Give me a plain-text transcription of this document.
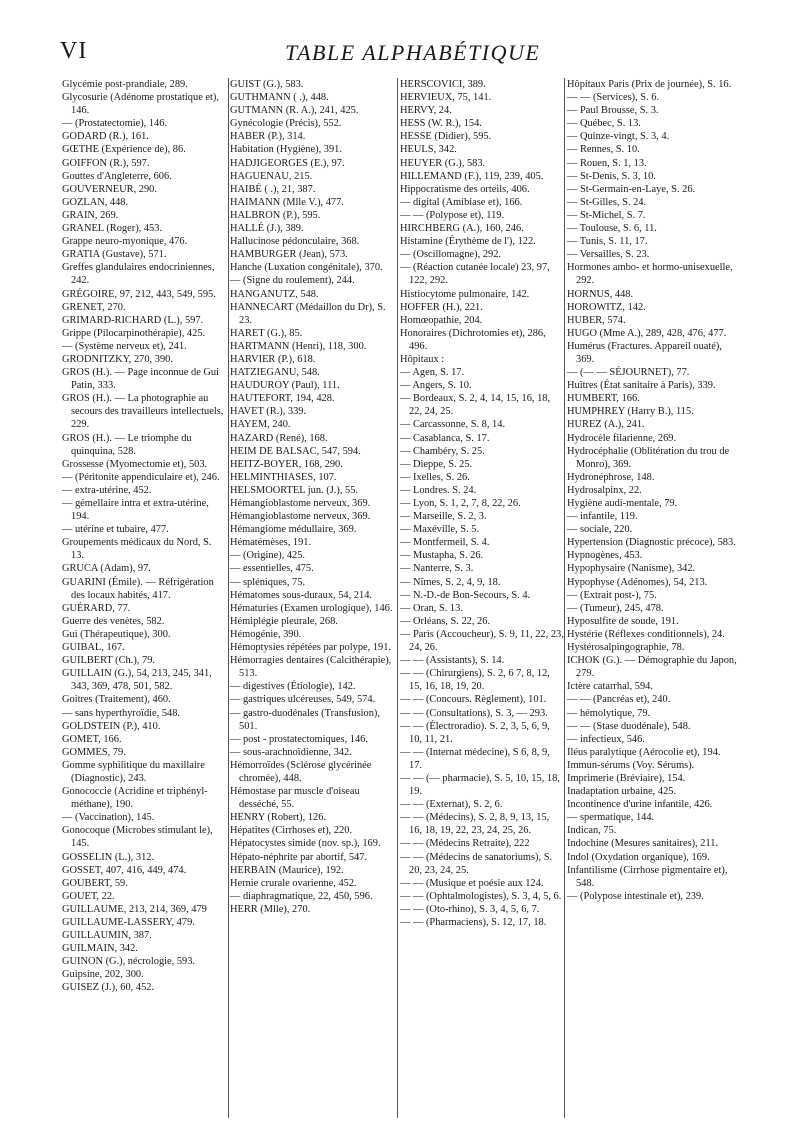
VI	TABLE ALPHABÉTIQUE

Glycémie post-prandiale, 289.

Glycosurie (Adénome prostatique et), 146.

— (Prostatectomie), 146.

GODARD (R.), 161.

GŒTHE (Expérience de), 86.

GOIFFON (R.), 597.

Gouttes d'Angleterre, 606.

GOUVERNEUR, 290.

GOZLAN, 448.

GRAIN, 269.

GRANEL (Roger), 453.

Grappe neuro-myonique, 476.

GRATIA (Gustave), 571.

Greffes glandulaires endocriniennes, 242.

GRÉGOIRE, 97, 212, 443, 549, 595.

GRENET, 270.

GRIMARD-RICHARD (L.), 597.

Grippe (Pilocarpinothérapie), 425.

— (Système nerveux et), 241.

GRODNITZKY, 270, 390.

GROS (H.). — Page inconnue de Gui Patin, 333.

GROS (H.). — La photographie au secours des travailleurs intellectuels, 229.

GROS (H.). — Le triomphe du quinquina, 528.

Grossesse (Myomectomie et), 503.

— (Péritonite appendiculaire et), 246.

— extra-utérine, 452.

— gémellaire intra et extra-utérine, 194.

— utérine et tubaire, 477.

Groupements médicaux du Nord, S. 13.

GRUCA (Adam), 97.

GUARINI (Émile). — Réfrigération des locaux habités, 417.

GUÉRARD, 77.

Guerre des venètes, 582.

Gui (Thérapeutique), 300.

GUIBAL, 167.

GUILBERT (Ch.), 79.

GUILLAIN (G.), 54, 213, 245, 341, 343, 369, 478, 501, 582.

Goitres (Traitement), 460.

— sans hyperthyroïdie, 548.

GOLDSTEIN (P.), 410.

GOMET, 166.

GOMMES, 79.

Gomme syphilitique du maxillaire (Diagnostic), 243.

Gonococcie (Acridine et triphényl-méthane), 190.

— (Vaccination), 145.

Gonocoque (Microbes stimulant le), 145.

GOSSELIN (L.), 312.

GOSSET, 407, 416, 449, 474.

GOUBERT, 59.

GOUET, 22.

GUILLAUME, 213, 214, 369, 479

GUILLAUME-LASSERY, 479.

GUILLAUMIN, 387.

GUILMAIN, 342.

GUINON (G.), nécrologie, 593.

Guipsine, 202, 300.

GUISEZ (J.), 60, 452.

GUIST (G.), 583.

GUTHMANN ( .), 448.

GUTMANN (R. A.), 241, 425.

Gynécologie (Précis), 552.

HABER (P.), 314.

Habitation (Hygiène), 391.

HADJIGEORGES (E.), 97.

HAGUENAU, 215.

HAIBÉ ( .), 21, 387.

HAIMANN (Mlle V.), 477.

HALBRON (P.), 595.

HALLÉ (J.), 389.

Hallucinose pédonculaire, 368.

HAMBURGER (Jean), 573.

Hanche (Luxation congénitale), 370.

— (Signe du roulement), 244.

HANGANUTZ, 548.

HANNECART (Médaillon du Dr), S. 23.

HARET (G.), 85.

HARTMANN (Henri), 118, 300.

HARVIER (P.), 618.

HATZIEGANU, 548.

HAUDUROY (Paul), 111.

HAUTEFORT, 194, 428.

HAVET (R.), 339.

HAYEM, 240.

HAZARD (René), 168.

HEIM DE BALSAC, 547, 594.

HEITZ-BOYER, 168, 290.

HELMINTHIASES, 107.

HELSMOORTEL jun. (J.), 55.

Hémangioblastome nerveux, 369.

Hémangioblastome nerveux, 369.

Hémangiome médullaire, 369.

Hématémèses, 191.

— (Origine), 425.

— essentielles, 475.

— spléniques, 75.

Hématomes sous-duraux, 54, 214.

Hématuries (Examen urologique), 146.

Hémiplégie pleurale, 268.

Hémogénie, 390.

Hémoptysies répétées par polype, 191.

Hémorragies dentaires (Calcithérapie), 513.

— digestives (Étiologie), 142.

— gastriques ulcéreuses, 549, 574.

— gastro-duodénales (Transfusion), 501.

— post - prostatectomiques, 146.

— sous-arachnoïdienne, 342.

Hémorroïdes (Sclérose glycérinée chromée), 448.

Hémostase par muscle d'oiseau desséché, 55.

HENRY (Robert), 126.

Hépatites (Cirrhoses et), 220.

Hépatocystes simide (nov. sp.), 169.

Hépato-néphrite par abortif, 547.

HERBAIN (Maurice), 192.

Hernie crurale ovarienne, 452.

— diaphragmatique, 22, 450, 596.

HERR (Mlle), 270.

HERSCOVICI, 389.

HERVIEUX, 75, 141.

HERVY, 24.

HESS (W. R.), 154.

HESSE (Didier), 595.

HEULS, 342.

HEUYER (G.), 583.

HILLEMAND (F.), 119, 239, 405.

Hippocratisme des orteils, 406.

— digital (Amibiase et), 166.

— — (Polypose et), 119.

HIRCHBERG (A.), 160, 246.

Histamine (Érythème de l'), 122.

— (Oscillomagne), 292.

— (Réaction cutanée locale) 23, 97, 122, 292.

Histiocytome pulmonaire, 142.

HOFFER (H.), 221.

Homœopathie, 204.

Honoraires (Dichrotomies et), 286, 496.

Hôpitaux :

— Agen, S. 17.

— Angers, S. 10.

— Bordeaux, S. 2, 4, 14, 15, 16, 18, 22, 24, 25.

— Carcassonne, S. 8, 14.

— Casablanca, S. 17.

— Chambéry, S. 25.

— Dieppe, S. 25.

— Ixelles, S. 26.

— Londres. S. 24.

— Lyon, S. 1, 2, 7, 8, 22, 26.

— Marseille, S. 2, 3.

— Maxéville, S. 5.

— Montfermeil, S. 4.

— Mustapha, S. 26.

— Nanterre, S. 3.

— Nîmes, S. 2, 4, 9, 18.

— N.-D.-de Bon-Secours, S. 4.

— Oran, S. 13.

— Orléans, S. 22, 26.

— Paris (Accoucheur), S. 9, 11, 22, 23, 24, 26.

— — (Assistants), S. 14.

— — (Chirurgiens), S. 2, 6 7, 8, 12, 15, 16, 18, 19, 20.

— — (Concours. Règlement), 101.

— — (Consultations), S. 3, — 293.

— — (Électroradio). S. 2, 3, 5, 6, 9, 10, 11, 21.

— — (Internat médecine), S 6, 8, 9, 17.

— — (— pharmacie), S. 5, 10, 15, 18, 19.

— — (Externat), S. 2, 6.

— — (Médecins), S. 2, 8, 9, 13, 15, 16, 18, 19, 22, 23, 24, 25, 26.

— — (Médecins Retraite), 222

— — (Médecins de sanatoriums), S. 20, 23, 24, 25.

— — (Musique et poésie aux 124.

— — (Ophtalmologistes), S. 3, 4, 5, 6.

— — (Oto-rhino), S. 3, 4, 5, 6, 7.

— — (Pharmaciens), S. 12, 17, 18.

Hôpitaux Paris (Prix de journée), S. 16.

— — (Services), S. 6.

— Paul Brousse, S. 3.

— Québec, S. 13.

— Quinze-vingt, S. 3, 4.

— Rennes, S. 10.

— Rouen, S. 1, 13.

— St-Denis, S. 3, 10.

— St-Germain-en-Laye, S. 26.

— St-Gilles, S. 24.

— St-Michel, S. 7.

— Toulouse, S. 6, 11.

— Tunis, S. 11, 17.

— Versailles, S. 23.

Hormones ambo- et hormo-unisexuelle, 292.

HORNUS, 448.

HOROWITZ, 142.

HUBER, 574.

HUGO (Mme A.), 289, 428, 476, 477.

Humérus (Fractures. Appareil ouaté), 369.

— (— — SÉJOURNET), 77.

Huîtres (État sanitaire à Paris), 339.

HUMBERT, 166.

HUMPHREY (Harry B.), 115.

HUREZ (A.), 241.

Hydrocèle filarienne, 269.

Hydrocéphalie (Oblitération du trou de Monro), 369.

Hydronéphrose, 148.

Hydrosalpinx, 22.

Hygiène audi-mentale, 79.

— infantile, 119.

— sociale, 220.

Hypertension (Diagnostic précoce), 583.

Hypnogènes, 453.

Hypophysaire (Nanisme), 342.

Hypophyse (Adénomes), 54, 213.

— (Extrait post-), 75.

— (Tumeur), 245, 478.

Hyposulfite de soude, 191.

Hystérie (Réflexes conditionnels), 24.

Hystérosalpingographie, 78.

ICHOK (G.). — Démographie du Japon, 279.

Ictère catarrhal, 594.

— — (Pancréas et), 240.

— hémolytique, 79.

— — (Stase duodénale), 548.

— infectieux, 546.

Iléus paralytique (Aérocolie et), 194.

Immun-sérums (Voy. Sérums).

Imprimerie (Bréviaire), 154.

Inadaptation urbaine, 425.

Incontinence d'urine infantile, 426.

— spermatique, 144.

Indican, 75.

Indochine (Mesures sanitaires), 211.

Indol (Oxydation organique), 169.

Infantilisme (Cirrhose pigmentaire et), 548.

— (Polypose intestinale et), 239.
